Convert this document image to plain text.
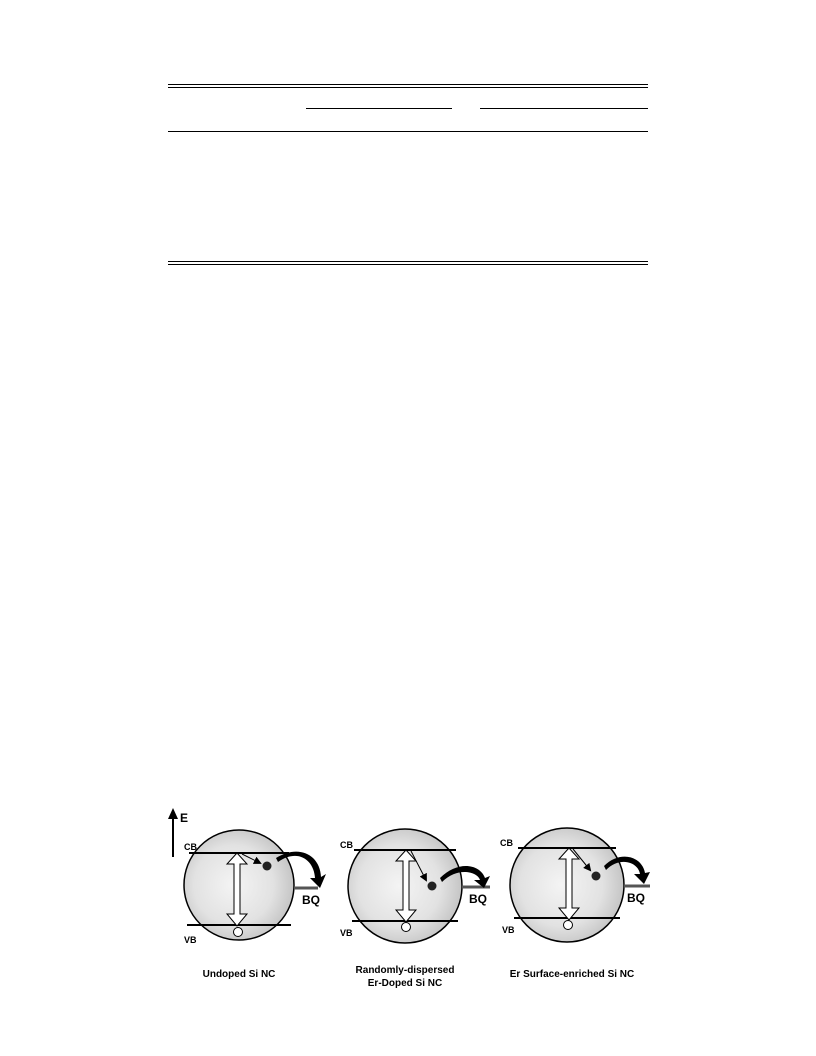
E
CB
VB
BQ
Undoped Si NC
CB
VB
BQ
Randomly-dispersed
Er-Doped Si NC
CB
VB
BQ
Er Surface-enriched Si NC
